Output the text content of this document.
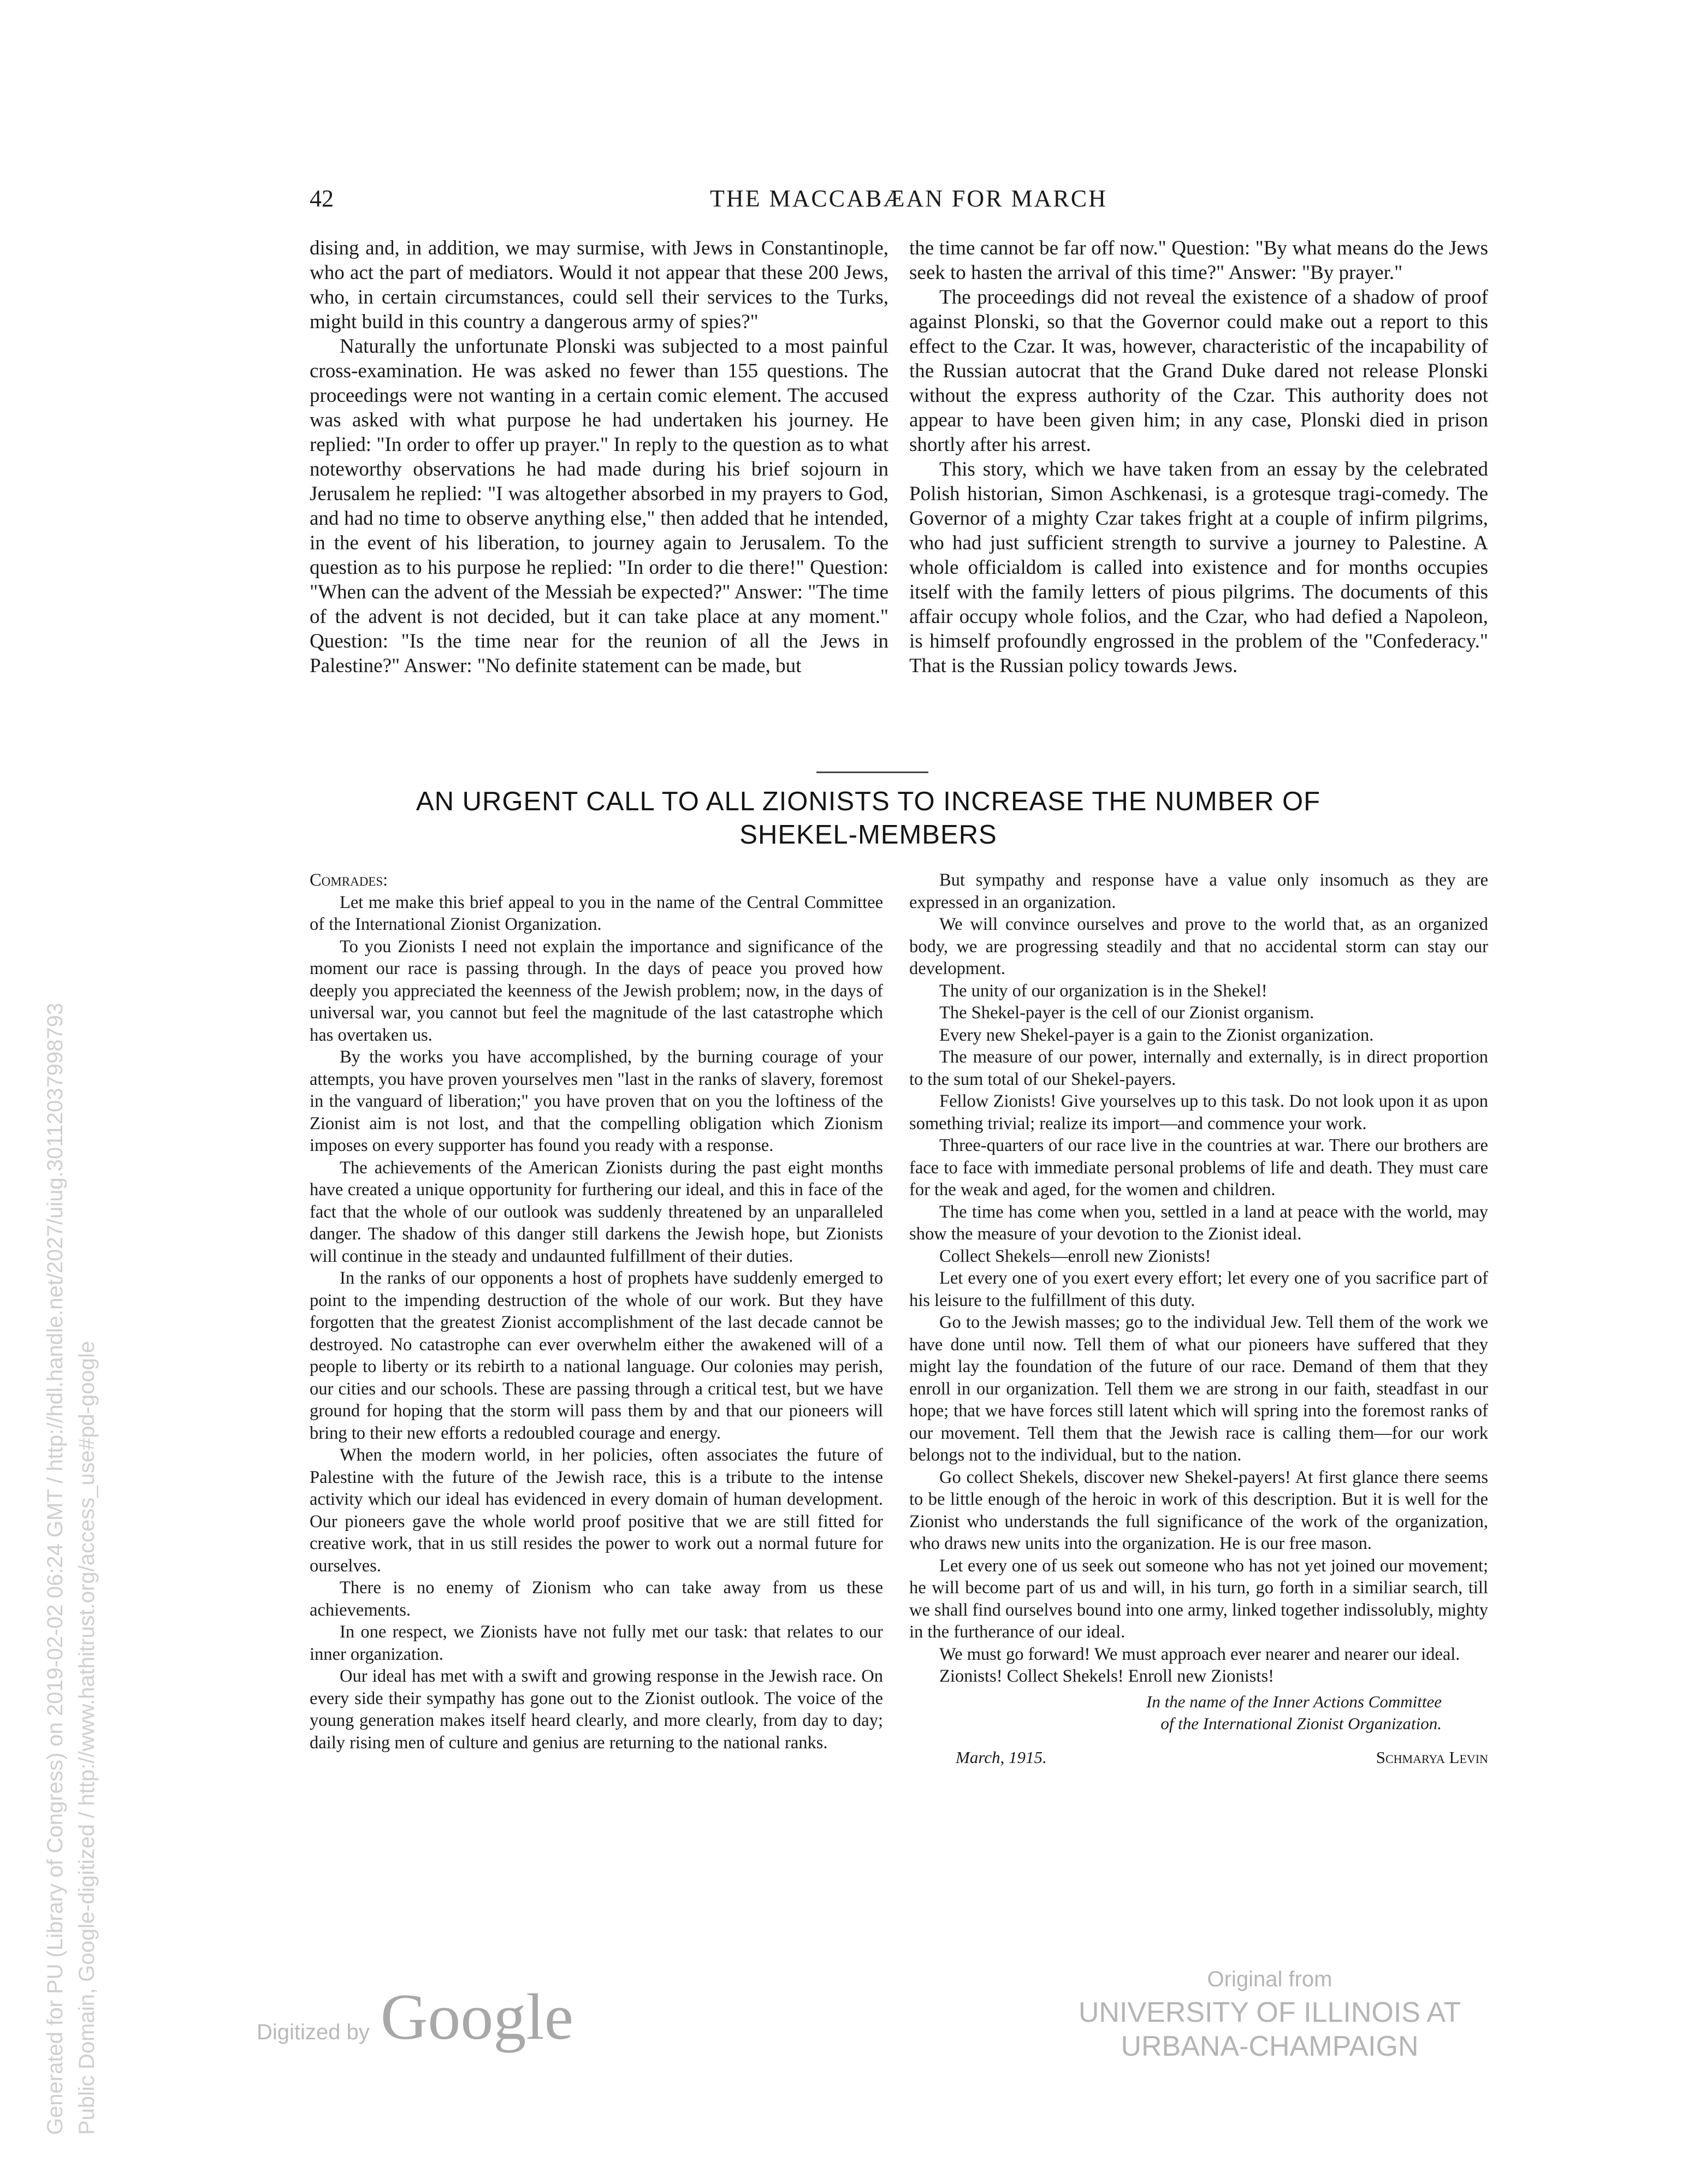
42	THE MACCABÆAN FOR MARCH

dising and, in addition, we may surmise, with Jews in Constantinople, who act the part of mediators. Would it not appear that these 200 Jews, who, in certain circumstances, could sell their services to the Turks, might build in this country a dangerous army of spies?"

Naturally the unfortunate Plonski was subjected to a most painful cross-examination. He was asked no fewer than 155 questions. The proceedings were not wanting in a certain comic element. The accused was asked with what purpose he had undertaken his journey. He replied: "In order to offer up prayer." In reply to the question as to what noteworthy observations he had made during his brief sojourn in Jerusalem he replied: "I was altogether absorbed in my prayers to God, and had no time to observe anything else," then added that he intended, in the event of his liberation, to journey again to Jerusalem. To the question as to his purpose he replied: "In order to die there!" Question: "When can the advent of the Messiah be expected?" Answer: "The time of the advent is not decided, but it can take place at any moment." Question: "Is the time near for the reunion of all the Jews in Palestine?" Answer: "No definite statement can be made, but

the time cannot be far off now." Question: "By what means do the Jews seek to hasten the arrival of this time?" Answer: "By prayer."

The proceedings did not reveal the existence of a shadow of proof against Plonski, so that the Governor could make out a report to this effect to the Czar. It was, however, characteristic of the incapability of the Russian autocrat that the Grand Duke dared not release Plonski without the express authority of the Czar. This authority does not appear to have been given him; in any case, Plonski died in prison shortly after his arrest.

This story, which we have taken from an essay by the celebrated Polish historian, Simon Aschkenasi, is a grotesque tragi-comedy. The Governor of a mighty Czar takes fright at a couple of infirm pilgrims, who had just sufficient strength to survive a journey to Palestine. A whole officialdom is called into existence and for months occupies itself with the family letters of pious pilgrims. The documents of this affair occupy whole folios, and the Czar, who had defied a Napoleon, is himself profoundly engrossed in the problem of the "Confederacy." That is the Russian policy towards Jews.

AN URGENT CALL TO ALL ZIONISTS TO INCREASE THE NUMBER OF
SHEKEL-MEMBERS

Comrades:

Let me make this brief appeal to you in the name of the Central Committee of the International Zionist Organization.

To you Zionists I need not explain the importance and significance of the moment our race is passing through. In the days of peace you proved how deeply you appreciated the keenness of the Jewish problem; now, in the days of universal war, you cannot but feel the magnitude of the last catastrophe which has overtaken us.

By the works you have accomplished, by the burning courage of your attempts, you have proven yourselves men "last in the ranks of slavery, foremost in the vanguard of liberation;" you have proven that on you the loftiness of the Zionist aim is not lost, and that the compelling obligation which Zionism imposes on every supporter has found you ready with a response.

The achievements of the American Zionists during the past eight months have created a unique opportunity for furthering our ideal, and this in face of the fact that the whole of our outlook was suddenly threatened by an unparalleled danger. The shadow of this danger still darkens the Jewish hope, but Zionists will continue in the steady and undaunted fulfillment of their duties.

In the ranks of our opponents a host of prophets have suddenly emerged to point to the impending destruction of the whole of our work. But they have forgotten that the greatest Zionist accomplishment of the last decade cannot be destroyed. No catastrophe can ever overwhelm either the awakened will of a people to liberty or its rebirth to a national language. Our colonies may perish, our cities and our schools. These are passing through a critical test, but we have ground for hoping that the storm will pass them by and that our pioneers will bring to their new efforts a redoubled courage and energy.

When the modern world, in her policies, often associates the future of Palestine with the future of the Jewish race, this is a tribute to the intense activity which our ideal has evidenced in every domain of human development. Our pioneers gave the whole world proof positive that we are still fitted for creative work, that in us still resides the power to work out a normal future for ourselves.

There is no enemy of Zionism who can take away from us these achievements.

In one respect, we Zionists have not fully met our task: that relates to our inner organization.

Our ideal has met with a swift and growing response in the Jewish race. On every side their sympathy has gone out to the Zionist outlook. The voice of the young generation makes itself heard clearly, and more clearly, from day to day; daily rising men of culture and genius are returning to the national ranks.

But sympathy and response have a value only insomuch as they are expressed in an organization.

We will convince ourselves and prove to the world that, as an organized body, we are progressing steadily and that no accidental storm can stay our development.

The unity of our organization is in the Shekel!

The Shekel-payer is the cell of our Zionist organism.

Every new Shekel-payer is a gain to the Zionist organization.

The measure of our power, internally and externally, is in direct proportion to the sum total of our Shekel-payers.

Fellow Zionists! Give yourselves up to this task. Do not look upon it as upon something trivial; realize its import—and commence your work.

Three-quarters of our race live in the countries at war. There our brothers are face to face with immediate personal problems of life and death. They must care for the weak and aged, for the women and children.

The time has come when you, settled in a land at peace with the world, may show the measure of your devotion to the Zionist ideal.

Collect Shekels—enroll new Zionists!

Let every one of you exert every effort; let every one of you sacrifice part of his leisure to the fulfillment of this duty.

Go to the Jewish masses; go to the individual Jew. Tell them of the work we have done until now. Tell them of what our pioneers have suffered that they might lay the foundation of the future of our race. Demand of them that they enroll in our organization. Tell them we are strong in our faith, steadfast in our hope; that we have forces still latent which will spring into the foremost ranks of our movement. Tell them that the Jewish race is calling them—for our work belongs not to the individual, but to the nation.

Go collect Shekels, discover new Shekel-payers! At first glance there seems to be little enough of the heroic in work of this description. But it is well for the Zionist who understands the full significance of the work of the organization, who draws new units into the organization. He is our free mason.

Let every one of us seek out someone who has not yet joined our movement; he will become part of us and will, in his turn, go forth in a similiar search, till we shall find ourselves bound into one army, linked together indissolubly, mighty in the furtherance of our ideal.

We must go forward! We must approach ever nearer and nearer our ideal.

Zionists! Collect Shekels! Enroll new Zionists!

In the name of the Inner Actions Committee
of the International Zionist Organization.
March, 1915.	Schmarya Levin
Generated for PU (Library of Congress) on 2019-02-02 06:24 GMT / http://hdl.handle.net/2027/uiug.30112037998793 Public Domain, Google-digitized / http://www.hathitrust.org/access_use#pd-google	Digitized by Google
Original from
UNIVERSITY OF ILLINOIS AT
URBANA-CHAMPAIGN
